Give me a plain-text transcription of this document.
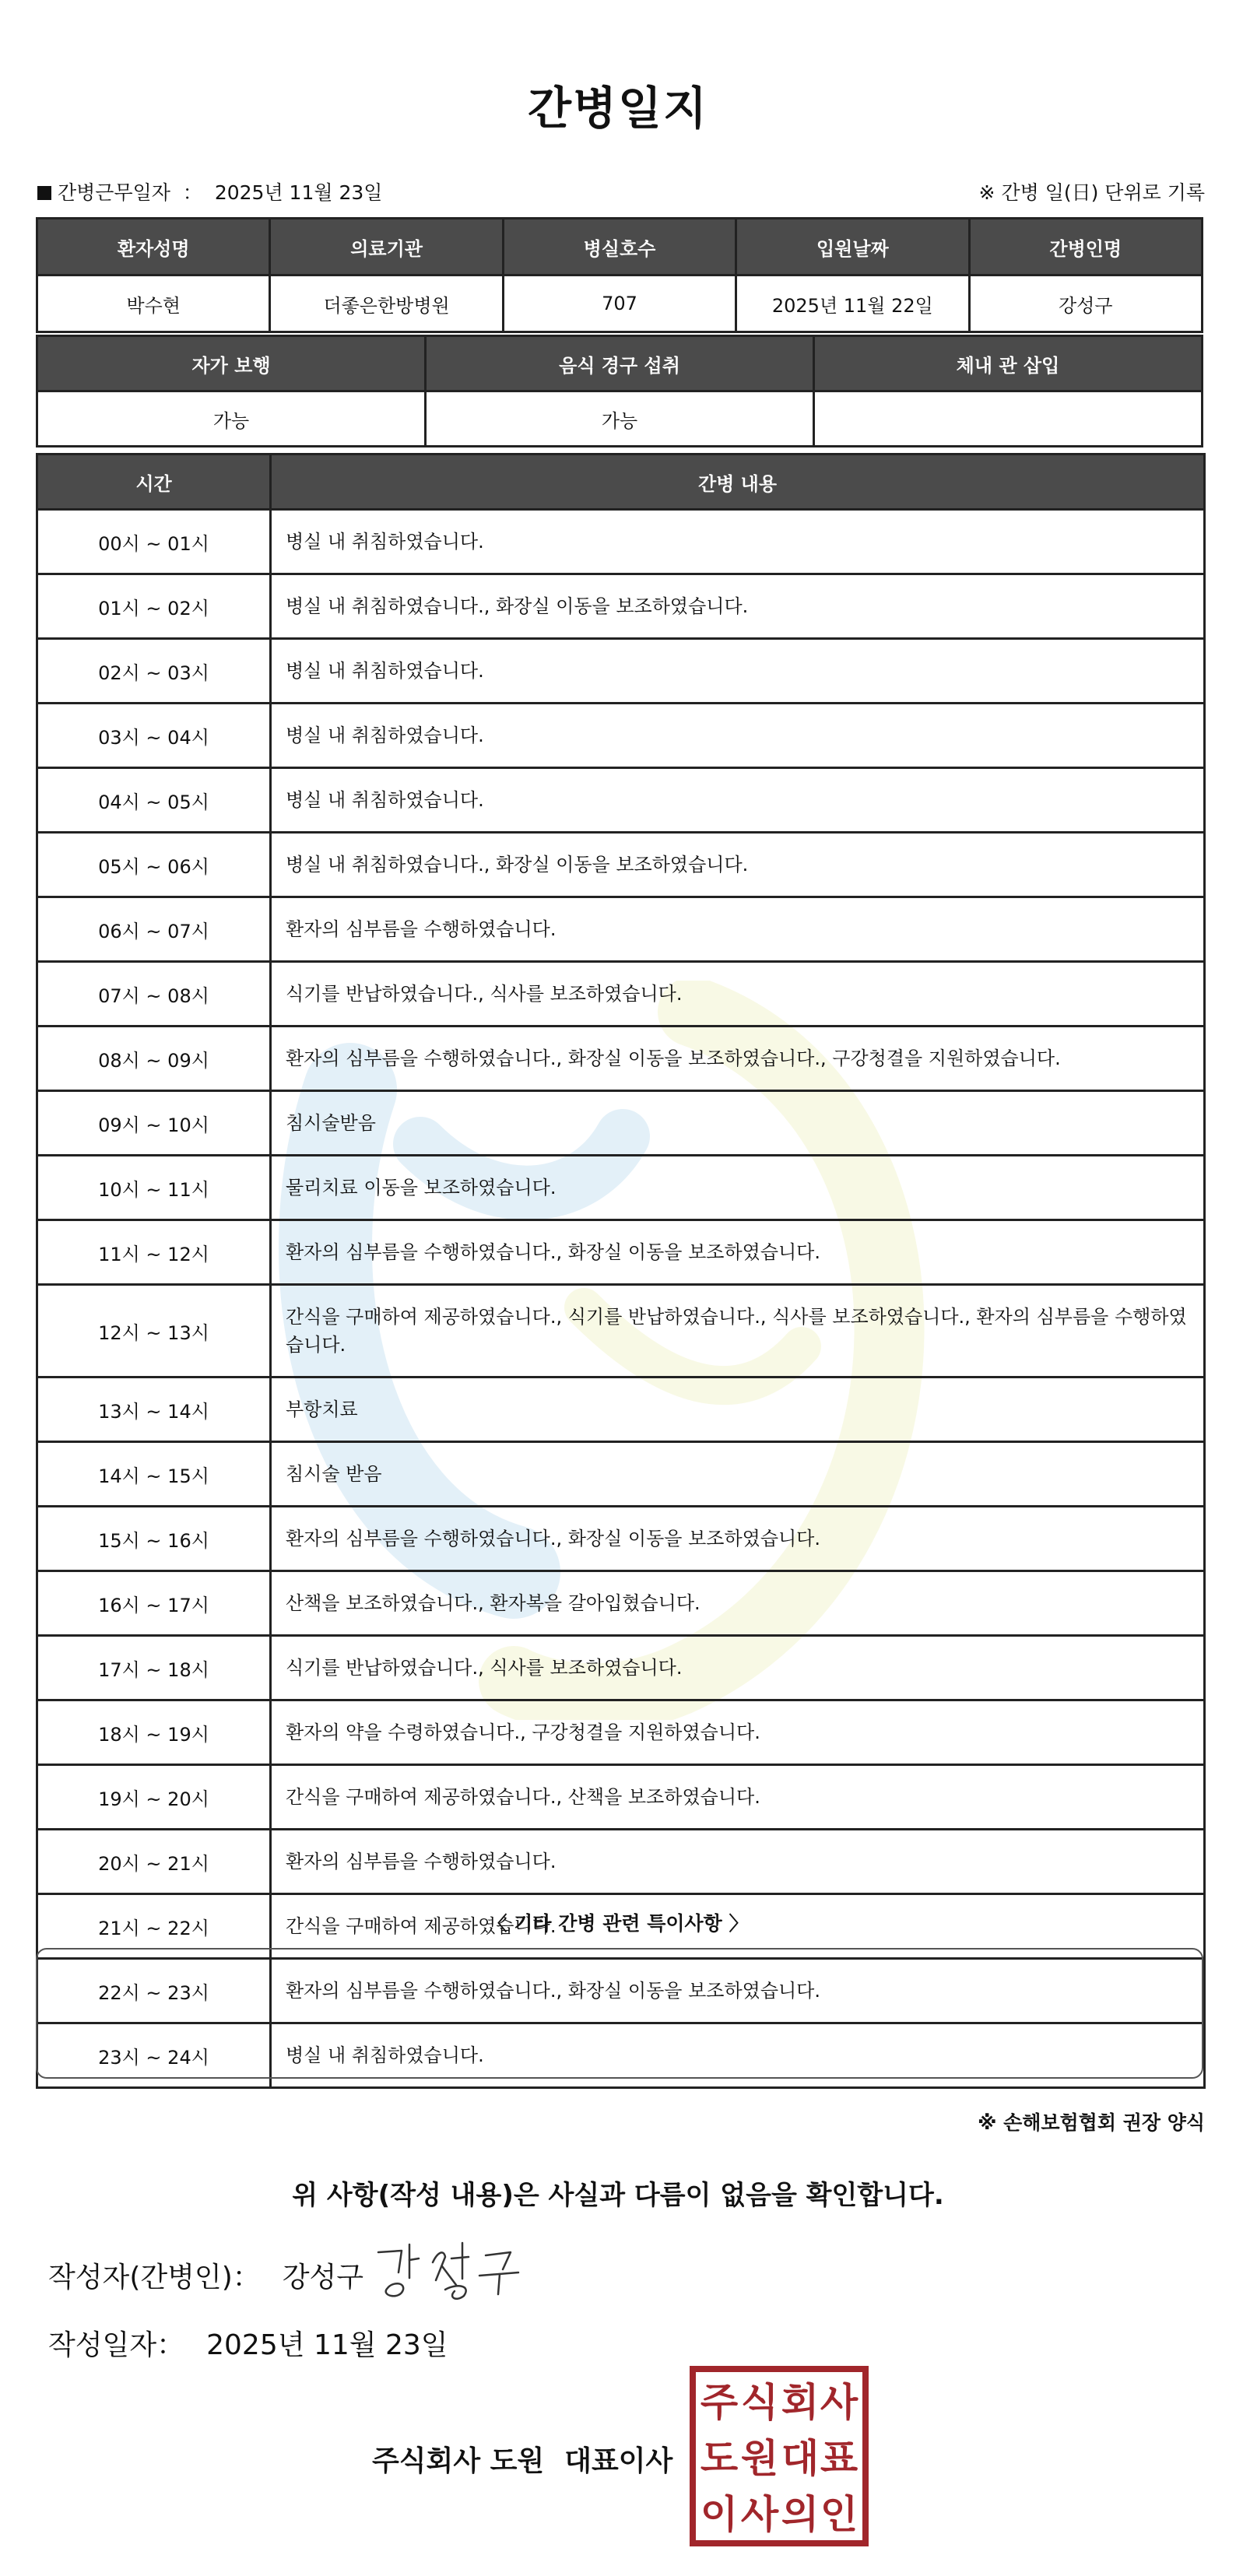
간병일지
간병근무일자 ： 2025년 11월 23일	※ 간병 일(日) 단위로 기록
환자성명	의료기관	병실호수	입원날짜	간병인명
박수현	더좋은한방병원	707	2025년 11월 22일	강성구
자가 보행	음식 경구 섭취	체내 관 삽입
가능	가능	
시간	간병 내용
00시 ~ 01시	병실 내 취침하였습니다.
01시 ~ 02시	병실 내 취침하였습니다., 화장실 이동을 보조하였습니다.
02시 ~ 03시	병실 내 취침하였습니다.
03시 ~ 04시	병실 내 취침하였습니다.
04시 ~ 05시	병실 내 취침하였습니다.
05시 ~ 06시	병실 내 취침하였습니다., 화장실 이동을 보조하였습니다.
06시 ~ 07시	환자의 심부름을 수행하였습니다.
07시 ~ 08시	식기를 반납하였습니다., 식사를 보조하였습니다.
08시 ~ 09시	환자의 심부름을 수행하였습니다., 화장실 이동을 보조하였습니다., 구강청결을 지원하였습니다.
09시 ~ 10시	침시술받음
10시 ~ 11시	물리치료 이동을 보조하였습니다.
11시 ~ 12시	환자의 심부름을 수행하였습니다., 화장실 이동을 보조하였습니다.
12시 ~ 13시	간식을 구매하여 제공하였습니다., 식기를 반납하였습니다., 식사를 보조하였습니다., 환자의 심부름을 수행하였습니다.
13시 ~ 14시	부항치료
14시 ~ 15시	침시술 받음
15시 ~ 16시	환자의 심부름을 수행하였습니다., 화장실 이동을 보조하였습니다.
16시 ~ 17시	산책을 보조하였습니다., 환자복을 갈아입혔습니다.
17시 ~ 18시	식기를 반납하였습니다., 식사를 보조하였습니다.
18시 ~ 19시	환자의 약을 수령하였습니다., 구강청결을 지원하였습니다.
19시 ~ 20시	간식을 구매하여 제공하였습니다., 산책을 보조하였습니다.
20시 ~ 21시	환자의 심부름을 수행하였습니다.
21시 ~ 22시	간식을 구매하여 제공하였습니다.
22시 ~ 23시	환자의 심부름을 수행하였습니다., 화장실 이동을 보조하였습니다.
23시 ~ 24시	병실 내 취침하였습니다.
〈 기타 간병 관련 특이사항 〉
※ 손해보험협회 권장 양식
위 사항(작성 내용)은 사실과 다름이 없음을 확인합니다.
작성자(간병인)： 강성구
작성일자： 2025년 11월 23일
주식회사 도원 대표이사
주 식 회 사
도 원 대 표
이 사 의 인
